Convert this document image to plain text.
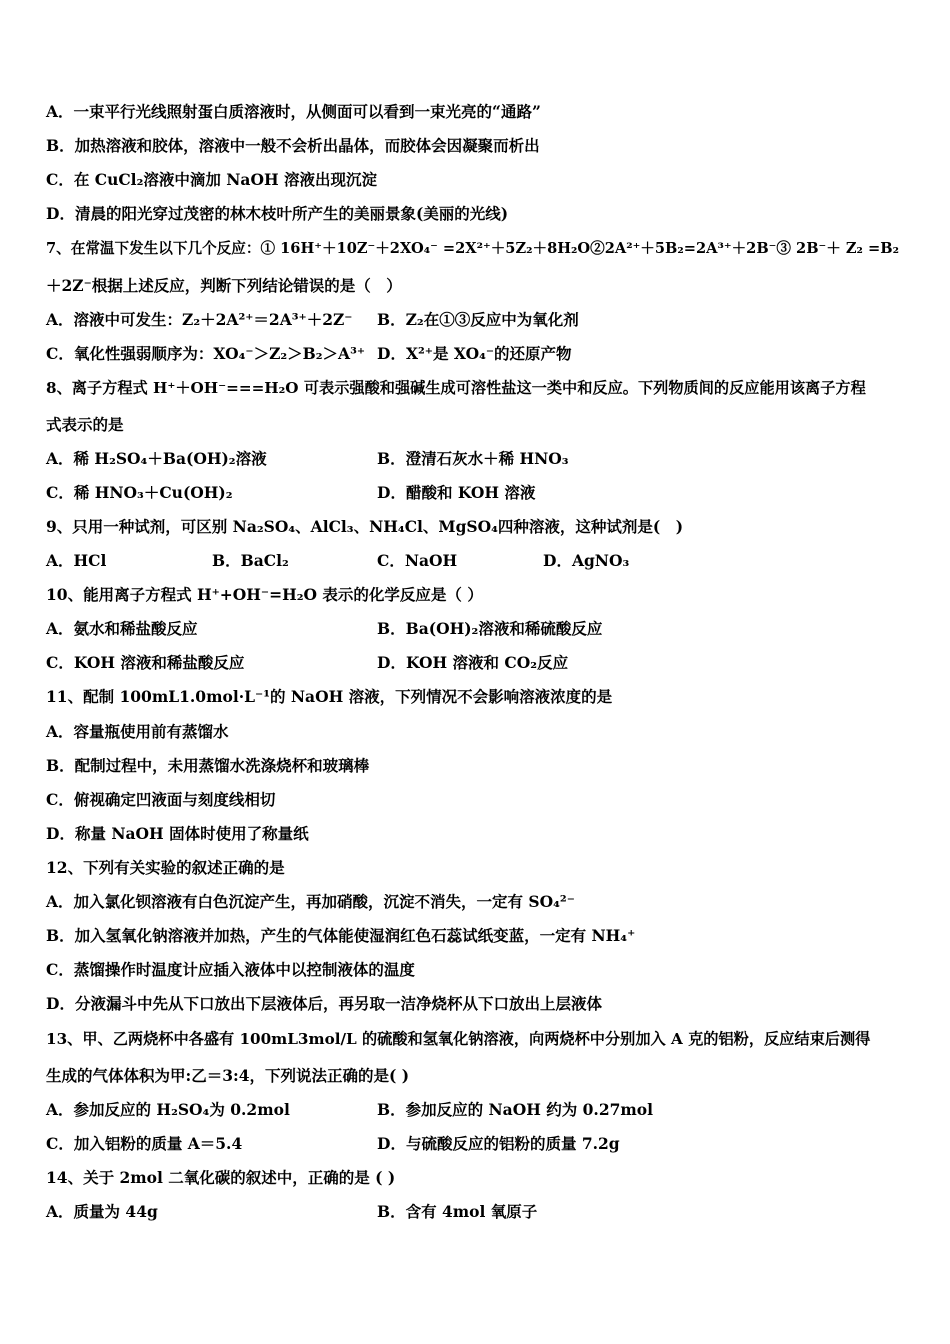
A．一束平行光线照射蛋白质溶液时，从侧面可以看到一束光亮的“通路”
B．加热溶液和胶体，溶液中一般不会析出晶体，而胶体会因凝聚而析出
C．在 CuCl₂溶液中滴加 NaOH 溶液出现沉淀
D．清晨的阳光穿过茂密的林木枝叶所产生的美丽景象(美丽的光线)
7、在常温下发生以下几个反应：① 16H⁺＋10Z⁻＋2XO₄⁻ =2X²⁺＋5Z₂＋8H₂O②2A²⁺＋5B₂=2A³⁺＋2B⁻③ 2B⁻＋ Z₂ =B₂
＋2Z⁻根据上述反应，判断下列结论错误的是（　）
A．溶液中可发生：Z₂＋2A²⁺＝2A³⁺＋2Z⁻ B．Z₂在①③反应中为氧化剂
C．氧化性强弱顺序为：XO₄⁻＞Z₂＞B₂＞A³⁺ D．X²⁺是 XO₄⁻的还原产物
8、离子方程式 H⁺＋OH⁻===H₂O 可表示强酸和强碱生成可溶性盐这一类中和反应。下列物质间的反应能用该离子方程
式表示的是
A．稀 H₂SO₄＋Ba(OH)₂溶液	B．澄清石灰水＋稀 HNO₃
C．稀 HNO₃＋Cu(OH)₂	D．醋酸和 KOH 溶液
9、只用一种试剂，可区别 Na₂SO₄、AlCl₃、NH₄Cl、MgSO₄四种溶液，这种试剂是(　)
A．HCl	B．BaCl₂	C．NaOH	D．AgNO₃
10、能用离子方程式 H⁺+OH⁻=H₂O 表示的化学反应是（ ）
A．氨水和稀盐酸反应	B．Ba(OH)₂溶液和稀硫酸反应
C．KOH 溶液和稀盐酸反应	D．KOH 溶液和 CO₂反应
11、配制 100mL1.0mol·L⁻¹的 NaOH 溶液，下列情况不会影响溶液浓度的是
A．容量瓶使用前有蒸馏水
B．配制过程中，未用蒸馏水洗涤烧杯和玻璃棒
C．俯视确定凹液面与刻度线相切
D．称量 NaOH 固体时使用了称量纸
12、下列有关实验的叙述正确的是
A．加入氯化钡溶液有白色沉淀产生，再加硝酸，沉淀不消失，一定有 SO₄²⁻
B．加入氢氧化钠溶液并加热，产生的气体能使湿润红色石蕊试纸变蓝，一定有 NH₄⁺
C．蒸馏操作时温度计应插入液体中以控制液体的温度
D．分液漏斗中先从下口放出下层液体后，再另取一洁净烧杯从下口放出上层液体
13、甲、乙两烧杯中各盛有 100mL3mol/L 的硫酸和氢氧化钠溶液，向两烧杯中分别加入 A 克的铝粉，反应结束后测得
生成的气体体积为甲:乙＝3:4，下列说法正确的是( )
A．参加反应的 H₂SO₄为 0.2mol	B．参加反应的 NaOH 约为 0.27mol
C．加入铝粉的质量 A＝5.4	D．与硫酸反应的铝粉的质量 7.2g
14、关于 2mol 二氧化碳的叙述中，正确的是 ( )
A．质量为 44g	B．含有 4mol 氧原子
